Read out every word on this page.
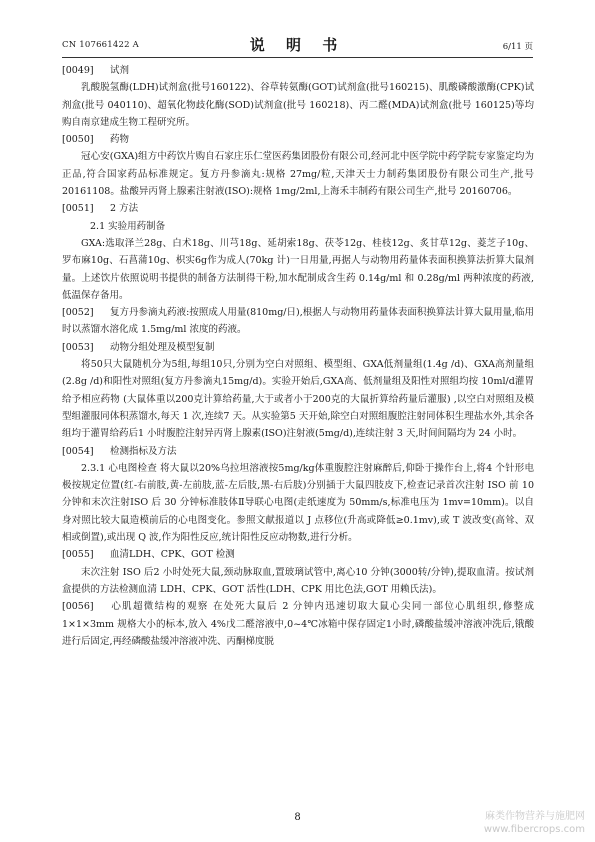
CN 107661422 A	说 明 书	6/11 页

[0049] 试剂

乳酸脱氢酶(LDH)试剂盒(批号160122)、谷草转氨酶(GOT)试剂盒(批号160215)、肌酸磷酸激酶(CPK)试剂盒(批号 040110)、超氧化物歧化酶(SOD)试剂盒(批号 160218)、丙二醛(MDA)试剂盒(批号 160125)等均购自南京建成生物工程研究所。

[0050] 药物

冠心安(GXA)组方中药饮片购自石家庄乐仁堂医药集团股份有限公司,经河北中医学院中药学院专家鉴定均为正品,符合国家药品标准规定。复方丹参滴丸:规格 27mg/粒,天津天士力制药集团股份有限公司生产,批号 20161108。盐酸异丙肾上腺素注射液(ISO):规格 1mg/2ml,上海禾丰制药有限公司生产,批号 20160706。

[0051] 2 方法

2.1 实验用药制备

GXA:选取泽兰28g、白术18g、川芎18g、延胡索18g、茯苓12g、桂枝12g、炙甘草12g、菱芝子10g、罗布麻10g、石菖蒲10g、枳实6g作为成人(70kg 计)一日用量,再据人与动物用药量体表面积换算法折算大鼠剂量。上述饮片依照说明书提供的制备方法制得干粉,加水配制成含生药 0.14g/ml 和 0.28g/ml 两种浓度的药液,低温保存备用。

[0052] 复方丹参滴丸药液:按照成人用量(810mg/日),根据人与动物用药量体表面积换算法计算大鼠用量,临用时以蒸馏水溶化成 1.5mg/ml 浓度的药液。

[0053] 动物分组处理及模型复制

将50只大鼠随机分为5组,每组10只,分别为空白对照组、模型组、GXA低剂量组(1.4g /d)、GXA高剂量组(2.8g /d)和阳性对照组(复方丹参滴丸15mg/d)。实验开始后,GXA高、低剂量组及阳性对照组均按 10ml/d灌胃给予相应药物 (大鼠体重以200克计算给药量,大于或者小于200克的大鼠折算给药量后灌服) ,以空白对照组及模型组灌服同体积蒸馏水,每天 1 次,连续7 天。从实验第5 天开始,除空白对照组腹腔注射同体积生理盐水外,其余各组均于灌胃给药后1 小时腹腔注射异丙肾上腺素(ISO)注射液(5mg/d),连续注射 3 天,时间间隔均为 24 小时。

[0054] 检测指标及方法

2.3.1 心电图检查 将大鼠以20%乌拉坦溶液按5mg/kg体重腹腔注射麻醉后,仰卧于操作台上,将4 个针形电极按规定位置(红-右前肢,黄-左前肢,蓝-左后肢,黑-右后肢)分别插于大鼠四肢皮下,检查记录首次注射 ISO 前 10 分钟和末次注射ISO 后 30 分钟标准肢体Ⅱ导联心电图(走纸速度为 50mm/s,标准电压为 1mv=10mm)。以自身对照比较大鼠造模前后的心电图变化。参照文献报道以 J 点移位(升高或降低≥0.1mv),或 T 波改变(高耸、双相或倒置),或出现 Q 波,作为阳性反应,统计阳性反应动物数,进行分析。

[0055] 血清LDH、CPK、GOT 检测

末次注射 ISO 后2 小时处死大鼠,颈动脉取血,置玻璃试管中,离心10 分钟(3000转/分钟),提取血清。按试剂盒提供的方法检测血清 LDH、CPK、GOT 活性(LDH、CPK 用比色法,GOT 用赖氏法)。

[0056] 心肌超微结构的观察 在处死大鼠后 2 分钟内迅速切取大鼠心尖同一部位心肌组织,修整成 1×1×3mm 规格大小的标本,放入 4%戊二醛溶液中,0~4℃冰箱中保存固定1小时,磷酸盐缓冲溶液冲洗后,锇酸进行后固定,再经磷酸盐缓冲溶液冲洗、丙酮梯度脱

8	麻类作物营养与施肥网
www.fibercrops.com
